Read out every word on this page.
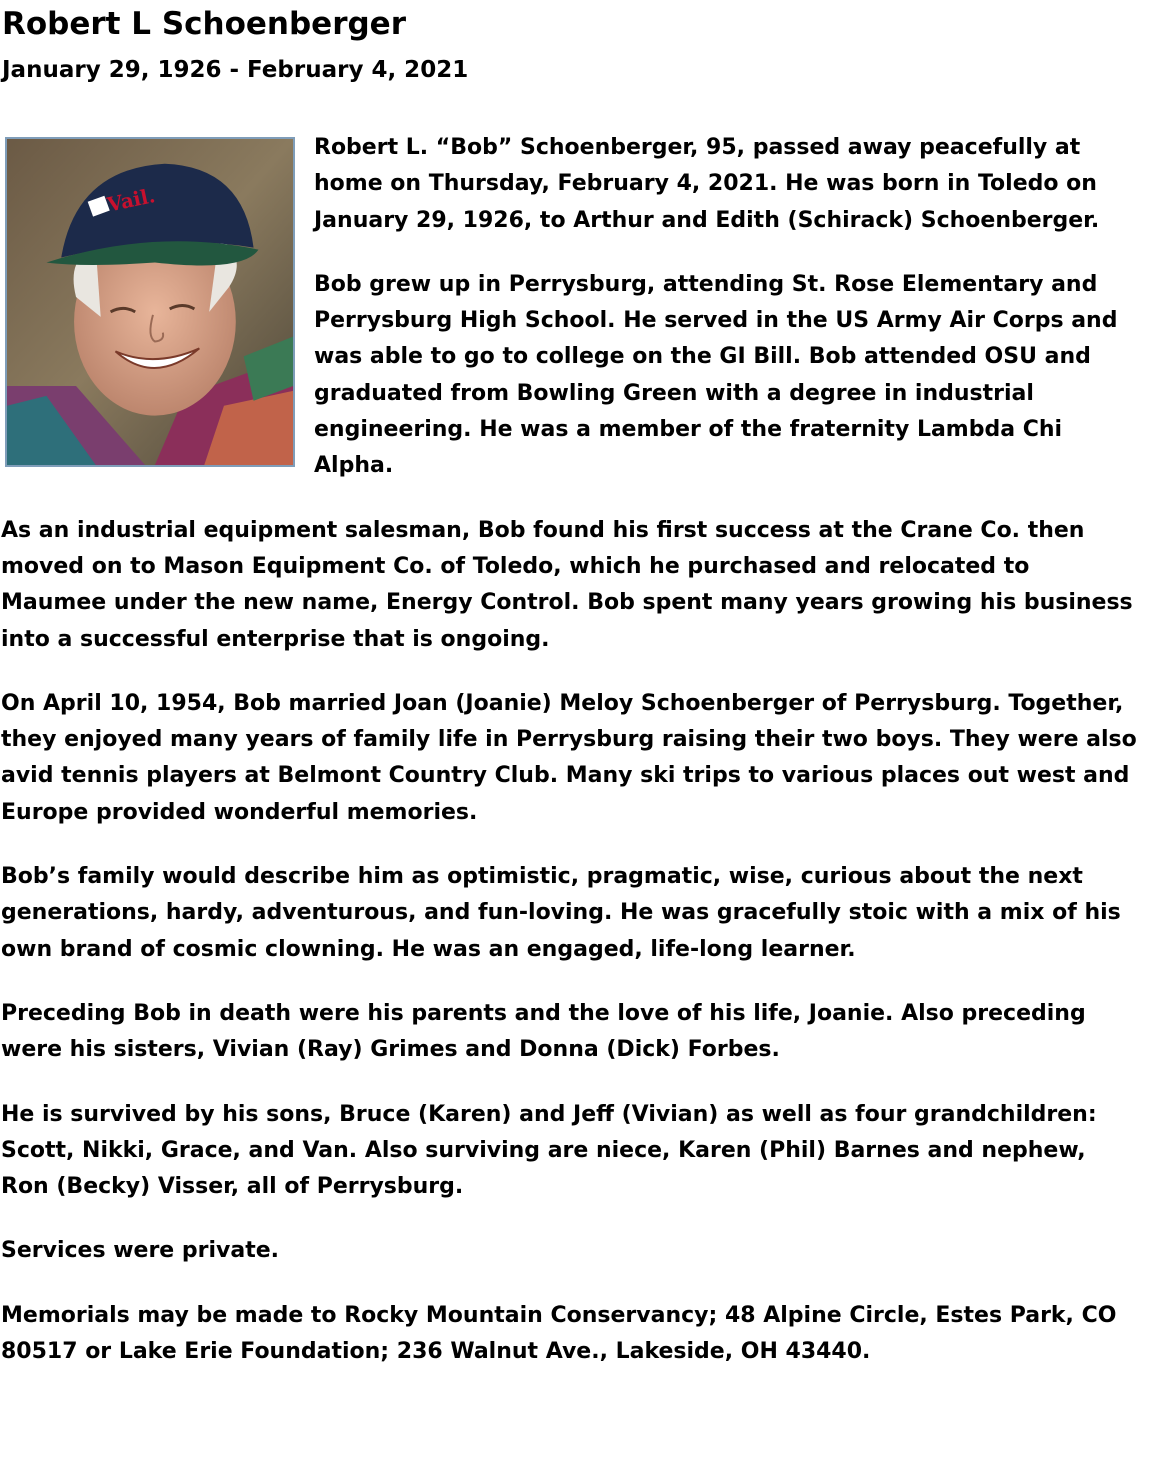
Robert L Schoenberger
January 29, 1926 - February 4, 2021
Vail.

Robert L. “Bob” Schoenberger, 95, passed away peacefully at home on Thursday, February 4, 2021. He was born in Toledo on January 29, 1926, to Arthur and Edith (Schirack) Schoenberger.

Bob grew up in Perrysburg, attending St. Rose Elementary and Perrysburg High School. He served in the US Army Air Corps and was able to go to college on the GI Bill. Bob attended OSU and graduated from Bowling Green with a degree in industrial engineering. He was a member of the fraternity Lambda Chi Alpha.

As an industrial equipment salesman, Bob found his first success at the Crane Co. then moved on to Mason Equipment Co. of Toledo, which he purchased and relocated to Maumee under the new name, Energy Control. Bob spent many years growing his business into a successful enterprise that is ongoing.

On April 10, 1954, Bob married Joan (Joanie) Meloy Schoenberger of Perrysburg. Together, they enjoyed many years of family life in Perrysburg raising their two boys. They were also avid tennis players at Belmont Country Club. Many ski trips to various places out west and Europe provided wonderful memories.

Bob’s family would describe him as optimistic, pragmatic, wise, curious about the next generations, hardy, adventurous, and fun-loving. He was gracefully stoic with a mix of his own brand of cosmic clowning. He was an engaged, life-long learner.

Preceding Bob in death were his parents and the love of his life, Joanie. Also preceding were his sisters, Vivian (Ray) Grimes and Donna (Dick) Forbes.

He is survived by his sons, Bruce (Karen) and Jeff (Vivian) as well as four grandchildren: Scott, Nikki, Grace, and Van. Also surviving are niece, Karen (Phil) Barnes and nephew, Ron (Becky) Visser, all of Perrysburg.

Services were private.

Memorials may be made to Rocky Mountain Conservancy; 48 Alpine Circle, Estes Park, CO 80517 or Lake Erie Foundation; 236 Walnut Ave., Lakeside, OH 43440.
